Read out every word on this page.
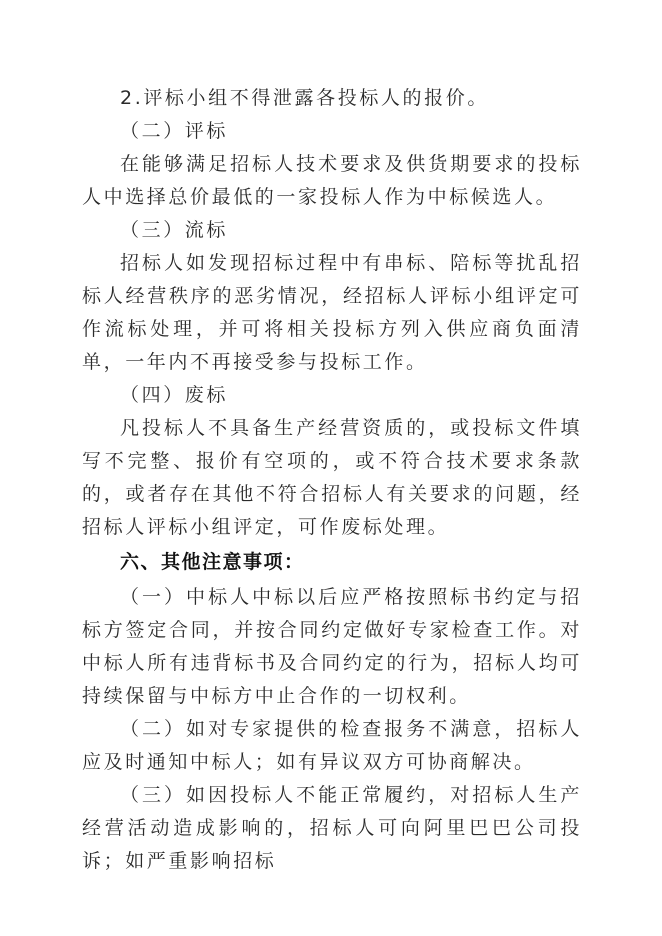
2.评标小组不得泄露各投标人的报价。

（二）评标

在能够满足招标人技术要求及供货期要求的投标人中选择总价最低的一家投标人作为中标候选人。

（三）流标

招标人如发现招标过程中有串标、陪标等扰乱招标人经营秩序的恶劣情况，经招标人评标小组评定可作流标处理，并可将相关投标方列入供应商负面清单，一年内不再接受参与投标工作。

（四）废标

凡投标人不具备生产经营资质的，或投标文件填写不完整、报价有空项的，或不符合技术要求条款的，或者存在其他不符合招标人有关要求的问题，经招标人评标小组评定，可作废标处理。

六、其他注意事项：

（一）中标人中标以后应严格按照标书约定与招标方签定合同，并按合同约定做好专家检查工作。对中标人所有违背标书及合同约定的行为，招标人均可持续保留与中标方中止合作的一切权利。

（二）如对专家提供的检查报务不满意，招标人应及时通知中标人；如有异议双方可协商解决。

（三）如因投标人不能正常履约，对招标人生产经营活动造成影响的，招标人可向阿里巴巴公司投诉；如严重影响招标
